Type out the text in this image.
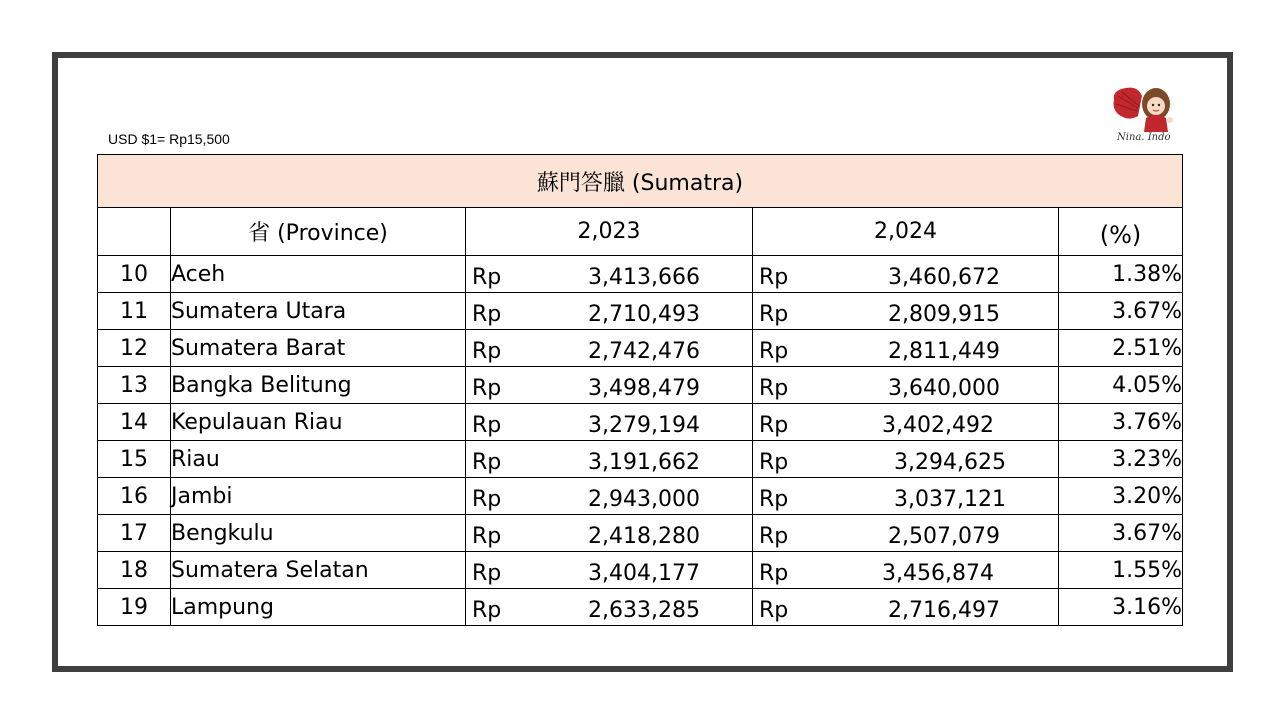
USD $1= Rp15,500	Nina. Indo
蘇門答臘 (Sumatra)				
	省 (Province)	2,023	2,024	(%)
10	Aceh	Rp 3,413,666	Rp 3,460,672	1.38%
11	Sumatera Utara	Rp 2,710,493	Rp 2,809,915	3.67%
12	Sumatera Barat	Rp 2,742,476	Rp 2,811,449	2.51%
13	Bangka Belitung	Rp 3,498,479	Rp 3,640,000	4.05%
14	Kepulauan Riau	Rp 3,279,194	Rp 3,402,492	3.76%
15	Riau	Rp 3,191,662	Rp 3,294,625	3.23%
16	Jambi	Rp 2,943,000	Rp 3,037,121	3.20%
17	Bengkulu	Rp 2,418,280	Rp 2,507,079	3.67%
18	Sumatera Selatan	Rp 3,404,177	Rp 3,456,874	1.55%
19	Lampung	Rp 2,633,285	Rp 2,716,497	3.16%
